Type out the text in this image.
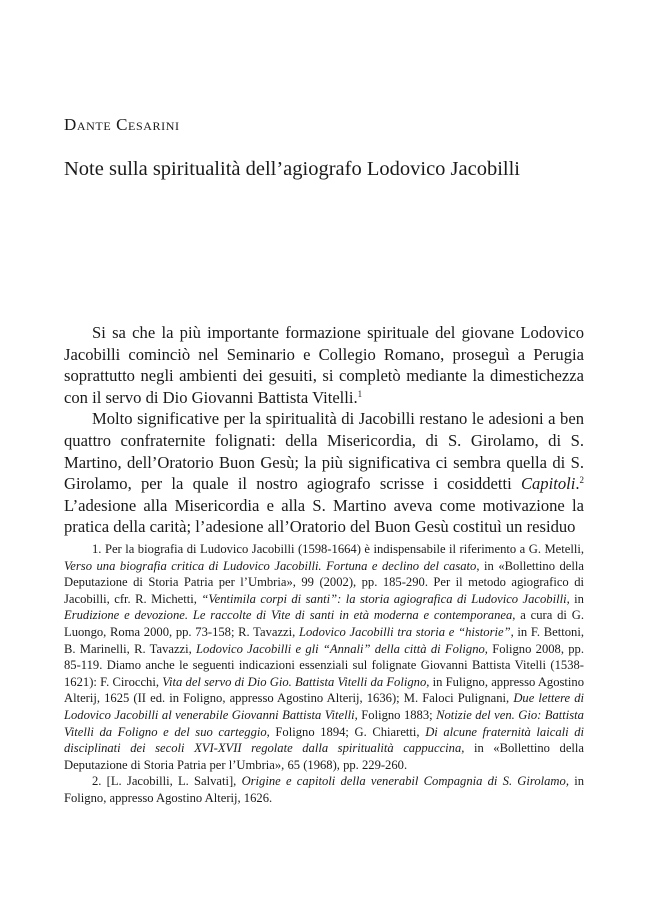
Dante Cesarini
Note sulla spiritualità dell’agiografo Lodovico Jacobilli

Si sa che la più importante formazione spirituale del giovane Lodovico Jacobilli cominciò nel Seminario e Collegio Romano, proseguì a Perugia soprattutto negli ambienti dei gesuiti, si completò mediante la dimestichezza con il servo di Dio Giovanni Battista Vitelli.$^1$

Molto significative per la spiritualità di Jacobilli restano le adesioni a ben quattro confraternite folignati: della Misericordia, di S. Girolamo, di S. Martino, dell’Oratorio Buon Gesù; la più significativa ci sembra quella di S. Girolamo, per la quale il nostro agiografo scrisse i cosiddetti Capitoli.$^2$ L’adesione alla Misericordia e alla S. Martino aveva come motivazione la pratica della carità; l’adesione all’Oratorio del Buon Gesù costituì un residuo

1. Per la biografia di Ludovico Jacobilli (1598-1664) è indispensabile il riferimento a G. Metelli, Verso una biografia critica di Ludovico Jacobilli. Fortuna e declino del casato, in «Bollettino della Deputazione di Storia Patria per l’Umbria», 99 (2002), pp. 185-290. Per il metodo agiografico di Jacobilli, cfr. R. Michetti, “Ventimila corpi di santi”: la storia agiografica di Ludovico Jacobilli, in Erudizione e devozione. Le raccolte di Vite di santi in età moderna e contemporanea, a cura di G. Luongo, Roma 2000, pp. 73-158; R. Tavazzi, Lodovico Jacobilli tra storia e “historie”, in F. Bettoni, B. Marinelli, R. Tavazzi, Lodovico Jacobilli e gli “Annali” della città di Foligno, Foligno 2008, pp. 85-119. Diamo anche le seguenti indicazioni essenziali sul folignate Giovanni Battista Vitelli (1538-1621): F. Cirocchi, Vita del servo di Dio Gio. Battista Vitelli da Foligno, in Fuligno, appresso Agostino Alterij, 1625 (II ed. in Foligno, appresso Agostino Alterij, 1636); M. Faloci Pulignani, Due lettere di Lodovico Jacobilli al venerabile Giovanni Battista Vitelli, Foligno 1883; Notizie del ven. Gio: Battista Vitelli da Foligno e del suo carteggio, Foligno 1894; G. Chiaretti, Di alcune fraternità laicali di disciplinati dei secoli XVI-XVII regolate dalla spiritualità cappuccina, in «Bollettino della Deputazione di Storia Patria per l’Umbria», 65 (1968), pp. 229-260.

2. [L. Jacobilli, L. Salvati], Origine e capitoli della venerabil Compagnia di S. Girolamo, in Foligno, appresso Agostino Alterij, 1626.
